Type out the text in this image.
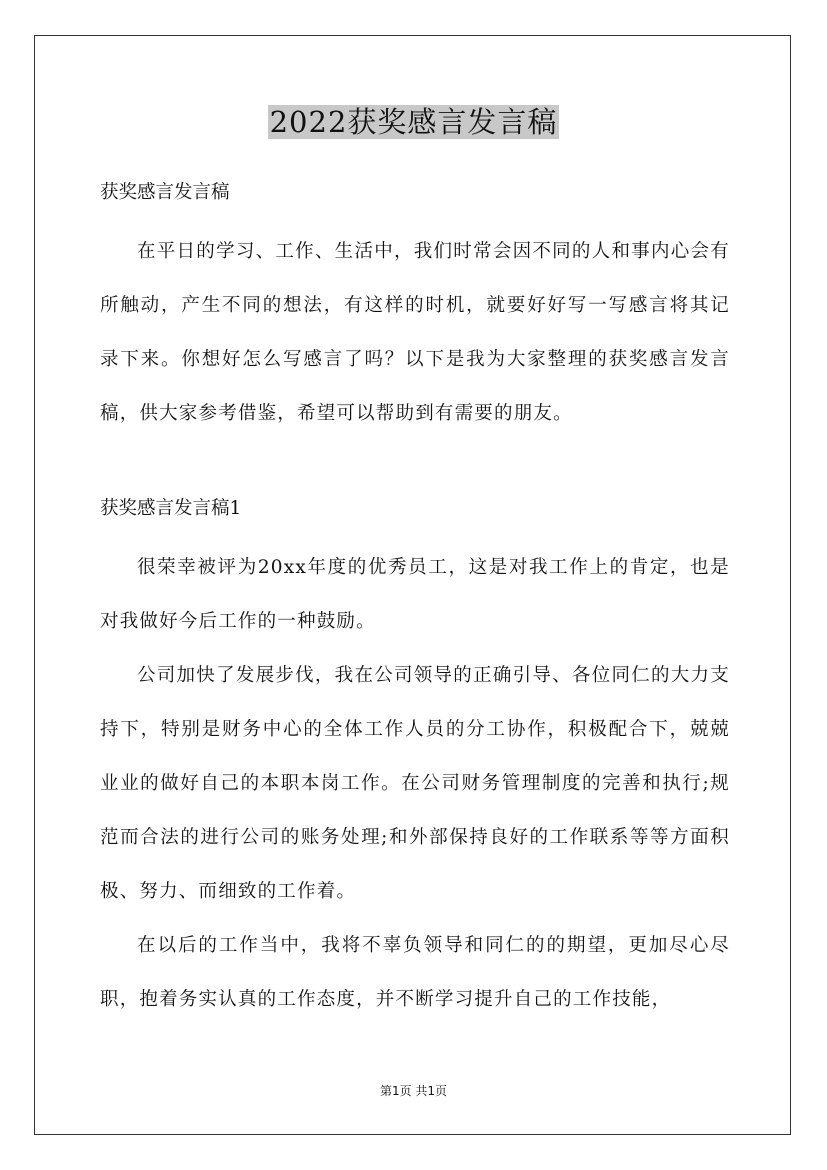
2022获奖感言发言稿

获奖感言发言稿

在平日的学习、工作、生活中，我们时常会因不同的人和事内心会有所触动，产生不同的想法，有这样的时机，就要好好写一写感言将其记录下来。你想好怎么写感言了吗？以下是我为大家整理的获奖感言发言稿，供大家参考借鉴，希望可以帮助到有需要的朋友。

获奖感言发言稿1

很荣幸被评为20xx年度的优秀员工，这是对我工作上的肯定，也是对我做好今后工作的一种鼓励。

公司加快了发展步伐，我在公司领导的正确引导、各位同仁的大力支持下，特别是财务中心的全体工作人员的分工协作，积极配合下，兢兢业业的做好自己的本职本岗工作。在公司财务管理制度的完善和执行;规范而合法的进行公司的账务处理;和外部保持良好的工作联系等等方面积极、努力、而细致的工作着。

在以后的工作当中，我将不辜负领导和同仁的的期望，更加尽心尽职，抱着务实认真的工作态度，并不断学习提升自己的工作技能，

第1页 共1页
